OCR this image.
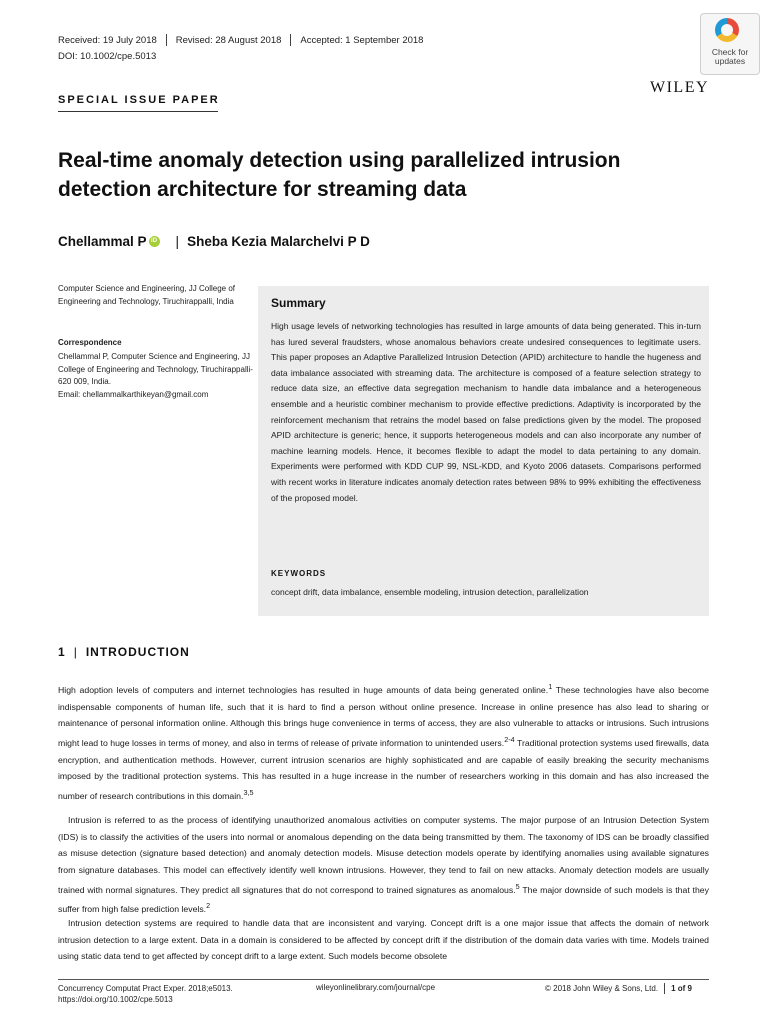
Received: 19 July 2018 Revised: 28 August 2018 Accepted: 1 September 2018
DOI: 10.1002/cpe.5013	Check for
updates
WILEY
SPECIAL ISSUE PAPER
Real-time anomaly detection using parallelized intrusion
detection architecture for streaming data
Chellammal P iD | Sheba Kezia Malarchelvi P D
Computer Science and Engineering, JJ College of Engineering and Technology, Tiruchirappalli, India
Correspondence
Chellammal P, Computer Science and Engineering, JJ College of Engineering and Technology, Tiruchirappalli-620 009, India.
Email: chellammalkarthikeyan@gmail.com
Summary
High usage levels of networking technologies has resulted in large amounts of data being generated. This in-turn has lured several fraudsters, whose anomalous behaviors create undesired consequences to legitimate users. This paper proposes an Adaptive Parallelized Intrusion Detection (APID) architecture to handle the hugeness and data imbalance associated with streaming data. The architecture is composed of a feature selection strategy to reduce data size, an effective data segregation mechanism to handle data imbalance and a heterogeneous ensemble and a heuristic combiner mechanism to provide effective predictions. Adaptivity is incorporated by the reinforcement mechanism that retrains the model based on false predictions given by the model. The proposed APID architecture is generic; hence, it supports heterogeneous models and can also incorporate any number of machine learning models. Hence, it becomes flexible to adapt the model to data pertaining to any domain. Experiments were performed with KDD CUP 99, NSL-KDD, and Kyoto 2006 datasets. Comparisons performed with recent works in literature indicates anomaly detection rates between 98% to 99% exhibiting the effectiveness of the proposed model.
KEYWORDS
concept drift, data imbalance, ensemble modeling, intrusion detection, parallelization
1 | INTRODUCTION
High adoption levels of computers and internet technologies has resulted in huge amounts of data being generated online.$^1$ These technologies have also become indispensable components of human life, such that it is hard to find a person without online presence. Increase in online presence has also lead to sharing or maintenance of personal information online. Although this brings huge convenience in terms of access, they are also vulnerable to attacks or intrusions. Such intrusions might lead to huge losses in terms of money, and also in terms of release of private information to unintended users.$^{2-4}$ Traditional protection systems used firewalls, data encryption, and authentication methods. However, current intrusion scenarios are highly sophisticated and are capable of easily breaking the security mechanisms imposed by the traditional protection systems. This has resulted in a huge increase in the number of researchers working in this domain and has also increased the number of research contributions in this domain.$^{3,5}$
Intrusion is referred to as the process of identifying unauthorized anomalous activities on computer systems. The major purpose of an Intrusion Detection System (IDS) is to classify the activities of the users into normal or anomalous depending on the data being transmitted by them. The taxonomy of IDS can be broadly classified as misuse detection (signature based detection) and anomaly detection models. Misuse detection models operate by identifying anomalies using available signatures from signature databases. This model can effectively identify well known intrusions. However, they tend to fail on new attacks. Anomaly detection models are usually trained with normal signatures. They predict all signatures that do not correspond to trained signatures as anomalous.$^5$ The major downside of such models is that they suffer from high false prediction levels.$^2$
Intrusion detection systems are required to handle data that are inconsistent and varying. Concept drift is a one major issue that affects the domain of network intrusion detection to a large extent. Data in a domain is considered to be affected by concept drift if the distribution of the domain data varies with time. Models trained using static data tend to get affected by concept drift to a large extent. Such models become obsolete
Concurrency Computat Pract Exper. 2018;e5013.
https://doi.org/10.1002/cpe.5013
wileyonlinelibrary.com/journal/cpe	© 2018 John Wiley & Sons, Ltd. 1 of 9
